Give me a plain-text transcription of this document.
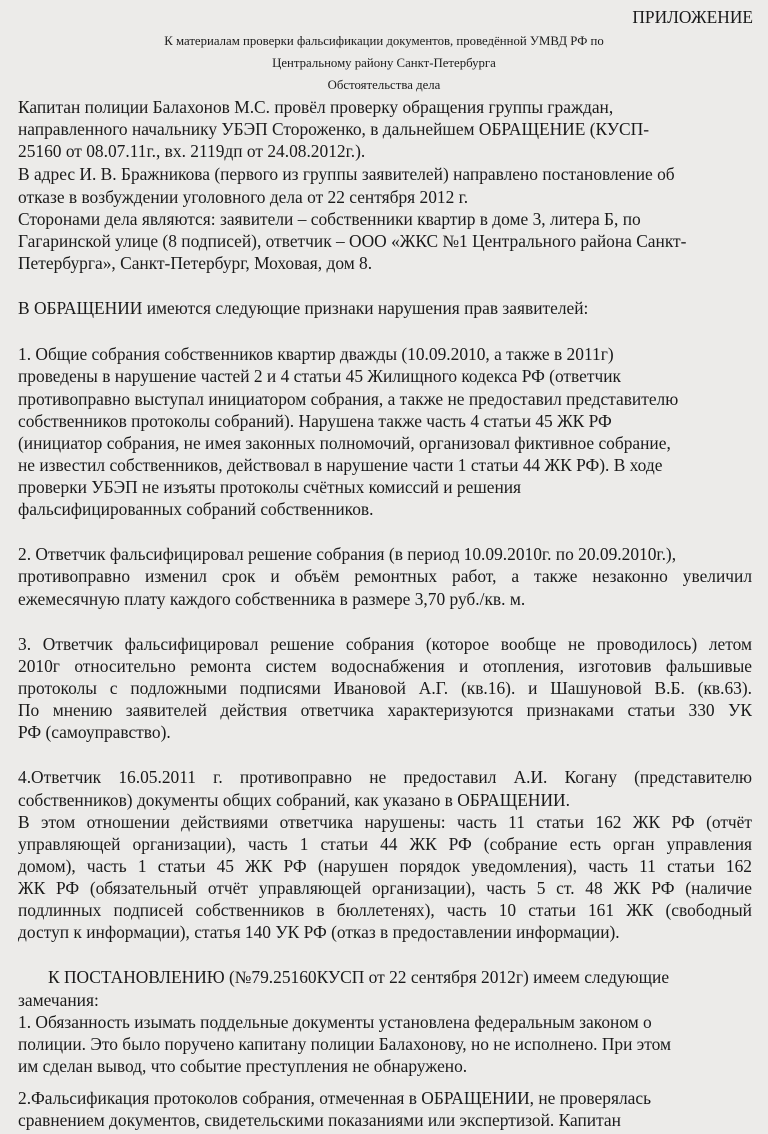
ПРИЛОЖЕНИЕ
К материалам проверки фальсификации документов, проведённой УМВД РФ по
Центральному району Санкт-Петербурга
Обстоятельства дела
Капитан полиции Балахонов М.С. провёл проверку обращения группы граждан,
направленного начальнику УБЭП Стороженко, в дальнейшем ОБРАЩЕНИЕ (КУСП-
25160 от 08.07.11г., вх. 2119дп от 24.08.2012г.).
В адрес И. В. Бражникова (первого из группы заявителей) направлено постановление об
отказе в возбуждении уголовного дела от 22 сентября 2012 г.
Сторонами дела являются: заявители – собственники квартир в доме 3, литера Б, по
Гагаринской улице (8 подписей), ответчик – ООО «ЖКС №1 Центрального района Санкт-
Петербурга», Санкт-Петербург, Моховая, дом 8.
В ОБРАЩЕНИИ имеются следующие признаки нарушения прав заявителей:
1. Общие собрания собственников квартир дважды (10.09.2010, а также в 2011г)
проведены в нарушение частей 2 и 4 статьи 45 Жилищного кодекса РФ (ответчик
противоправно выступал инициатором собрания, а также не предоставил представителю
собственников протоколы собраний). Нарушена также часть 4 статьи 45 ЖК РФ
(инициатор собрания, не имея законных полномочий, организовал фиктивное собрание,
не известил собственников, действовал в нарушение части 1 статьи 44 ЖК РФ). В ходе
проверки УБЭП не изъяты протоколы счётных комиссий и решения
фальсифицированных собраний собственников.
2. Ответчик фальсифицировал решение собрания (в период 10.09.2010г. по 20.09.2010г.),
противоправно изменил срок и объём ремонтных работ, а также незаконно увеличил
ежемесячную плату каждого собственника в размере 3,70 руб./кв. м.
3. Ответчик фальсифицировал решение собрания (которое вообще не проводилось) летом
2010г относительно ремонта систем водоснабжения и отопления, изготовив фальшивые
протоколы с подложными подписями Ивановой А.Г. (кв.16). и Шашуновой В.Б. (кв.63).
По мнению заявителей действия ответчика характеризуются признаками статьи 330 УК
РФ (самоуправство).
4.Ответчик 16.05.2011 г. противоправно не предоставил А.И. Когану (представителю
собственников) документы общих собраний, как указано в ОБРАЩЕНИИ.
В этом отношении действиями ответчика нарушены: часть 11 статьи 162 ЖК РФ (отчёт
управляющей организации), часть 1 статьи 44 ЖК РФ (собрание есть орган управления
домом), часть 1 статьи 45 ЖК РФ (нарушен порядок уведомления), часть 11 статьи 162
ЖК РФ (обязательный отчёт управляющей организации), часть 5 ст. 48 ЖК РФ (наличие
подлинных подписей собственников в бюллетенях), часть 10 статьи 161 ЖК (свободный
доступ к информации), статья 140 УК РФ (отказ в предоставлении информации).
К ПОСТАНОВЛЕНИЮ (№79.25160КУСП от 22 сентября 2012г) имеем следующие
замечания:
1. Обязанность изымать поддельные документы установлена федеральным законом о
полиции. Это было поручено капитану полиции Балахонову, но не исполнено. При этом
им сделан вывод, что событие преступления не обнаружено.
2.Фальсификация протоколов собрания, отмеченная в ОБРАЩЕНИИ, не проверялась
сравнением документов, свидетельскими показаниями или экспертизой. Капитан
